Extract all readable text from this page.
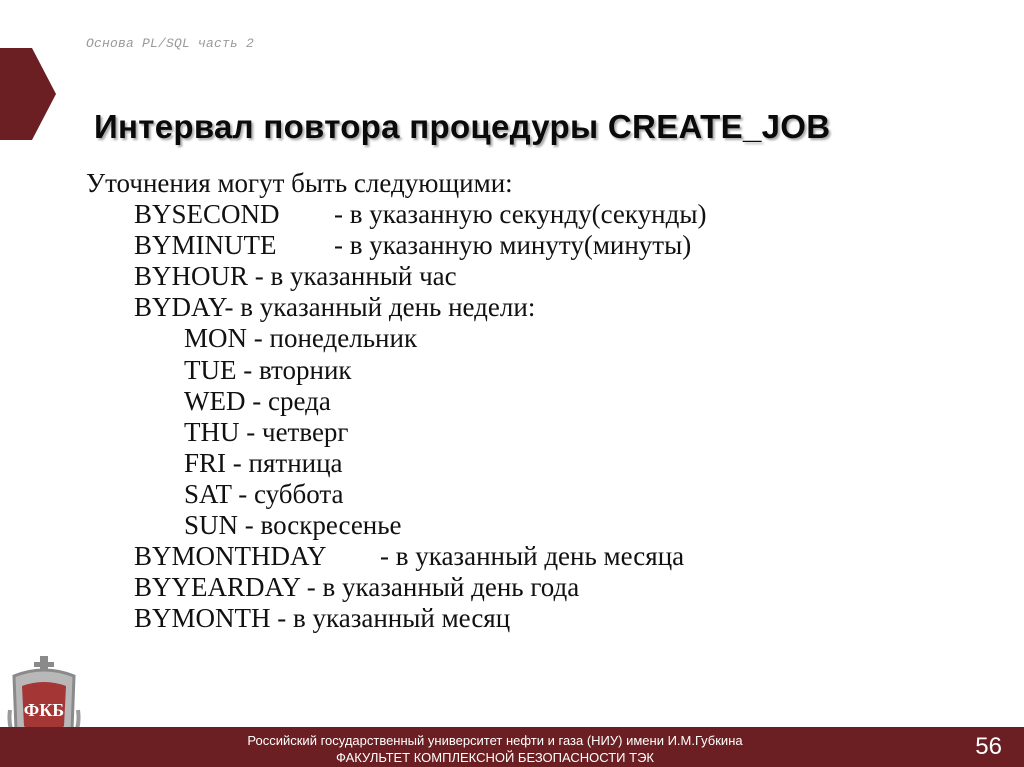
Основа PL/SQL часть 2
Интервал повтора процедуры CREATE_JOB
Уточнения могут быть следующими:
BYSECOND - в указанную секунду(секунды)
BYMINUTE - в указанную минуту(минуты)
BYHOUR - в указанный час
BYDAY- в указанный день недели:
MON - понедельник
TUE - вторник
WED - среда
THU - четверг
FRI - пятница
SAT - суббота
SUN - воскресенье
BYMONTHDAY - в указанный день месяца
BYYEARDAY - в указанный день года
BYMONTH - в указанный месяц
ФКБ
Российский государственный университет нефти и газа (НИУ) имени И.М.Губкина
ФАКУЛЬТЕТ КОМПЛЕКСНОЙ БЕЗОПАСНОСТИ ТЭК	56
